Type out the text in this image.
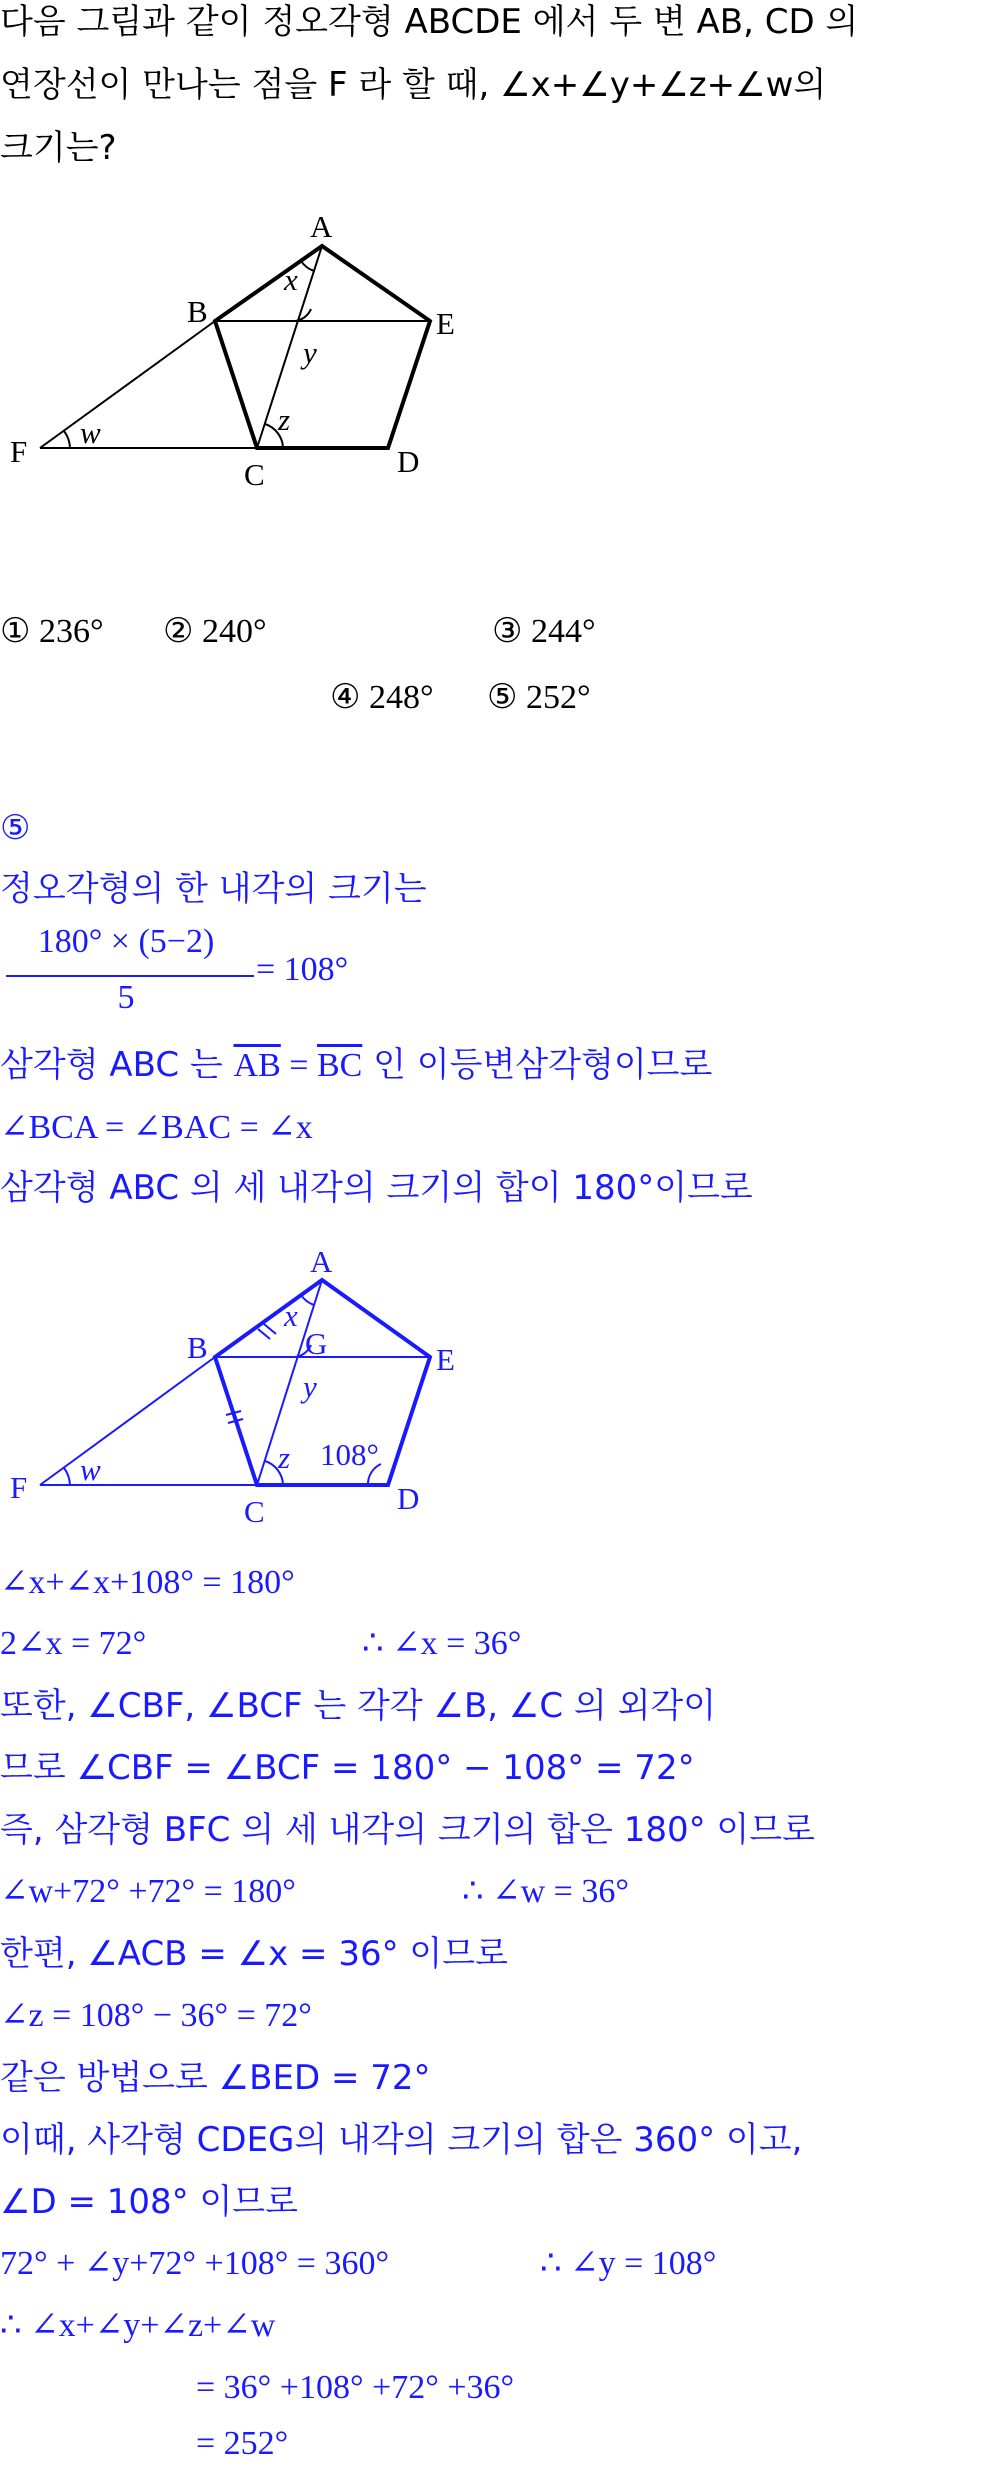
다음 그림과 같이 정오각형 ABCDE 에서 두 변 AB, CD 의
연장선이 만나는 점을 F 라 할 때, ∠x+∠y+∠z+∠w의
크기는?
A
B
C	D
E
F
x
y
z
w
① 236° ② 240°	③ 244°
④ 248° ⑤ 252°
⑤
정오각형의 한 내각의 크기는
180° × (5−2)
5
= 108°
삼각형 ABC 는 $\overline{AB} = \overline{BC}$ 인 이등변삼각형이므로
∠BCA = ∠BAC = ∠x
삼각형 ABC 의 세 내각의 크기의 합이 180°이므로
A
B
C	D
E
F
G
x
y
z
w	108°
∠x+∠x+108° = 180°
2∠x = 72°	∴ ∠x = 36°
또한, ∠CBF, ∠BCF 는 각각 ∠B, ∠C 의 외각이
므로 ∠CBF = ∠BCF = 180° − 108° = 72°
즉, 삼각형 BFC 의 세 내각의 크기의 합은 180° 이므로
∠w+72° +72° = 180°	∴ ∠w = 36°
한편, ∠ACB = ∠x = 36° 이므로
∠z = 108° − 36° = 72°
같은 방법으로 ∠BED = 72°
이때, 사각형 CDEG의 내각의 크기의 합은 360° 이고,
∠D = 108° 이므로
72° + ∠y+72° +108° = 360°	∴ ∠y = 108°
∴ ∠x+∠y+∠z+∠w
= 36° +108° +72° +36°
= 252°
